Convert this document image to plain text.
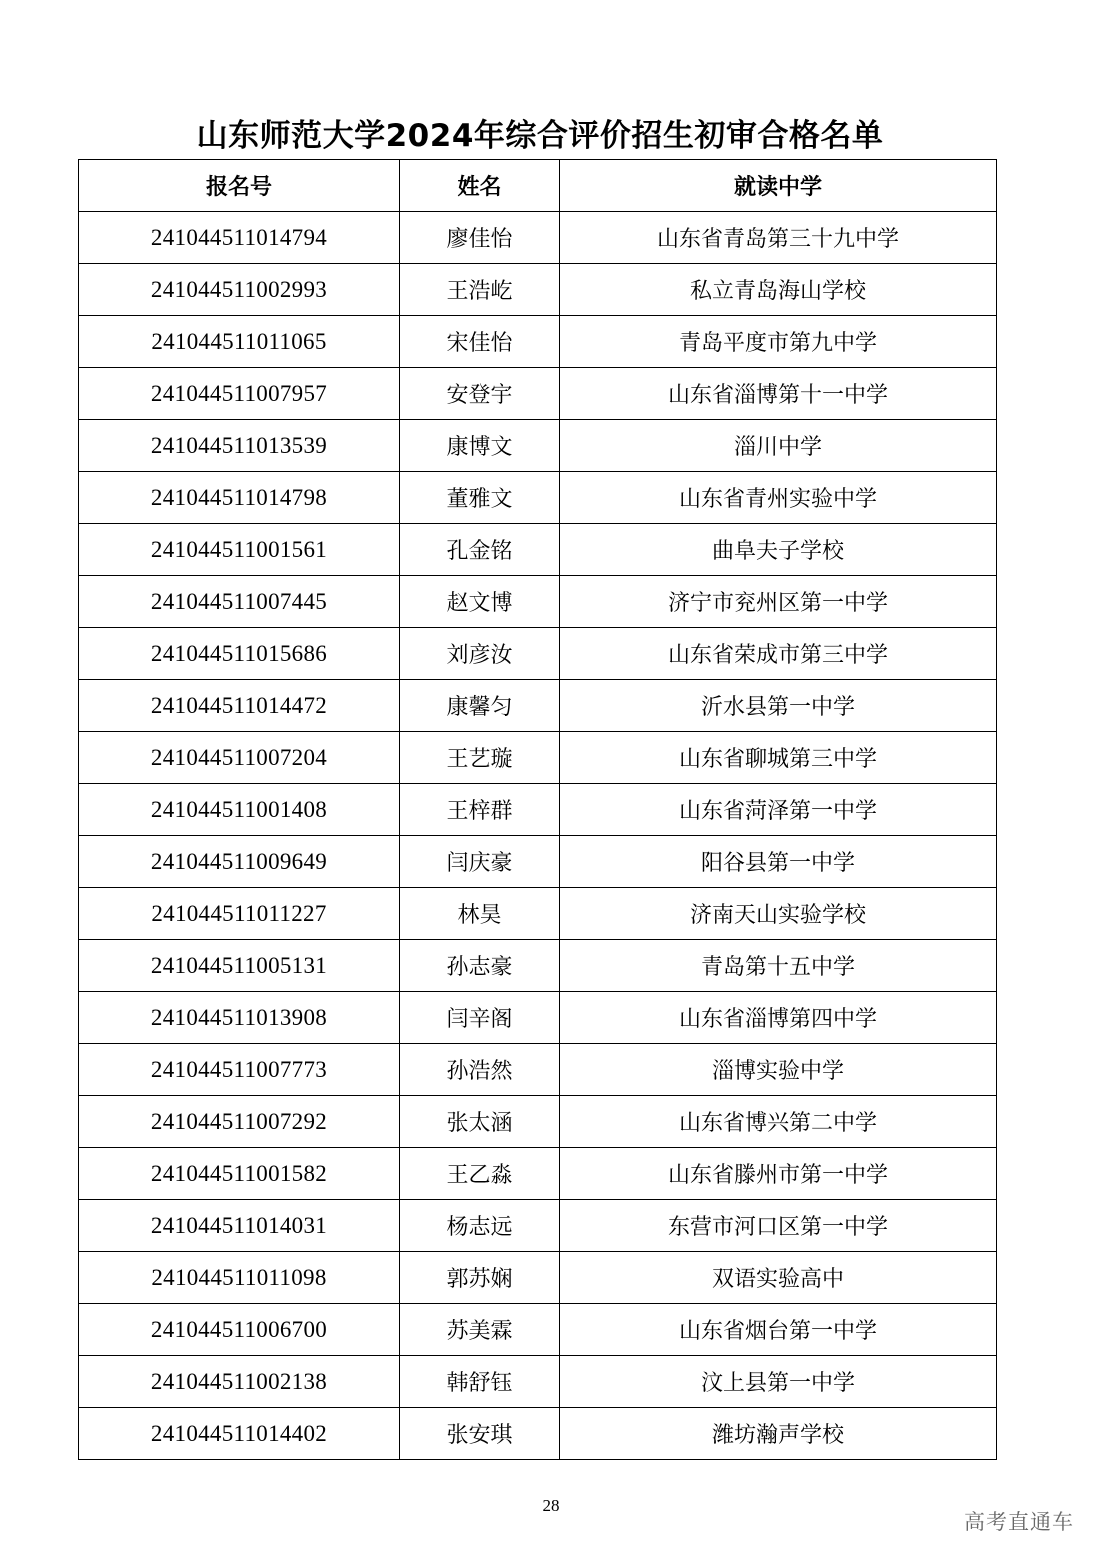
山东师范大学2024年综合评价招生初审合格名单
报名号	姓名	就读中学
241044511014794	廖佳怡	山东省青岛第三十九中学
241044511002993	王浩屹	私立青岛海山学校
241044511011065	宋佳怡	青岛平度市第九中学
241044511007957	安登宇	山东省淄博第十一中学
241044511013539	康博文	淄川中学
241044511014798	董雅文	山东省青州实验中学
241044511001561	孔金铭	曲阜夫子学校
241044511007445	赵文博	济宁市兖州区第一中学
241044511015686	刘彦汝	山东省荣成市第三中学
241044511014472	康馨匀	沂水县第一中学
241044511007204	王艺璇	山东省聊城第三中学
241044511001408	王梓群	山东省菏泽第一中学
241044511009649	闫庆豪	阳谷县第一中学
241044511011227	林昊	济南天山实验学校
241044511005131	孙志豪	青岛第十五中学
241044511013908	闫辛阁	山东省淄博第四中学
241044511007773	孙浩然	淄博实验中学
241044511007292	张太涵	山东省博兴第二中学
241044511001582	王乙淼	山东省滕州市第一中学
241044511014031	杨志远	东营市河口区第一中学
241044511011098	郭苏娴	双语实验高中
241044511006700	苏美霖	山东省烟台第一中学
241044511002138	韩舒钰	汶上县第一中学
241044511014402	张安琪	潍坊瀚声学校
28
高考直通车
